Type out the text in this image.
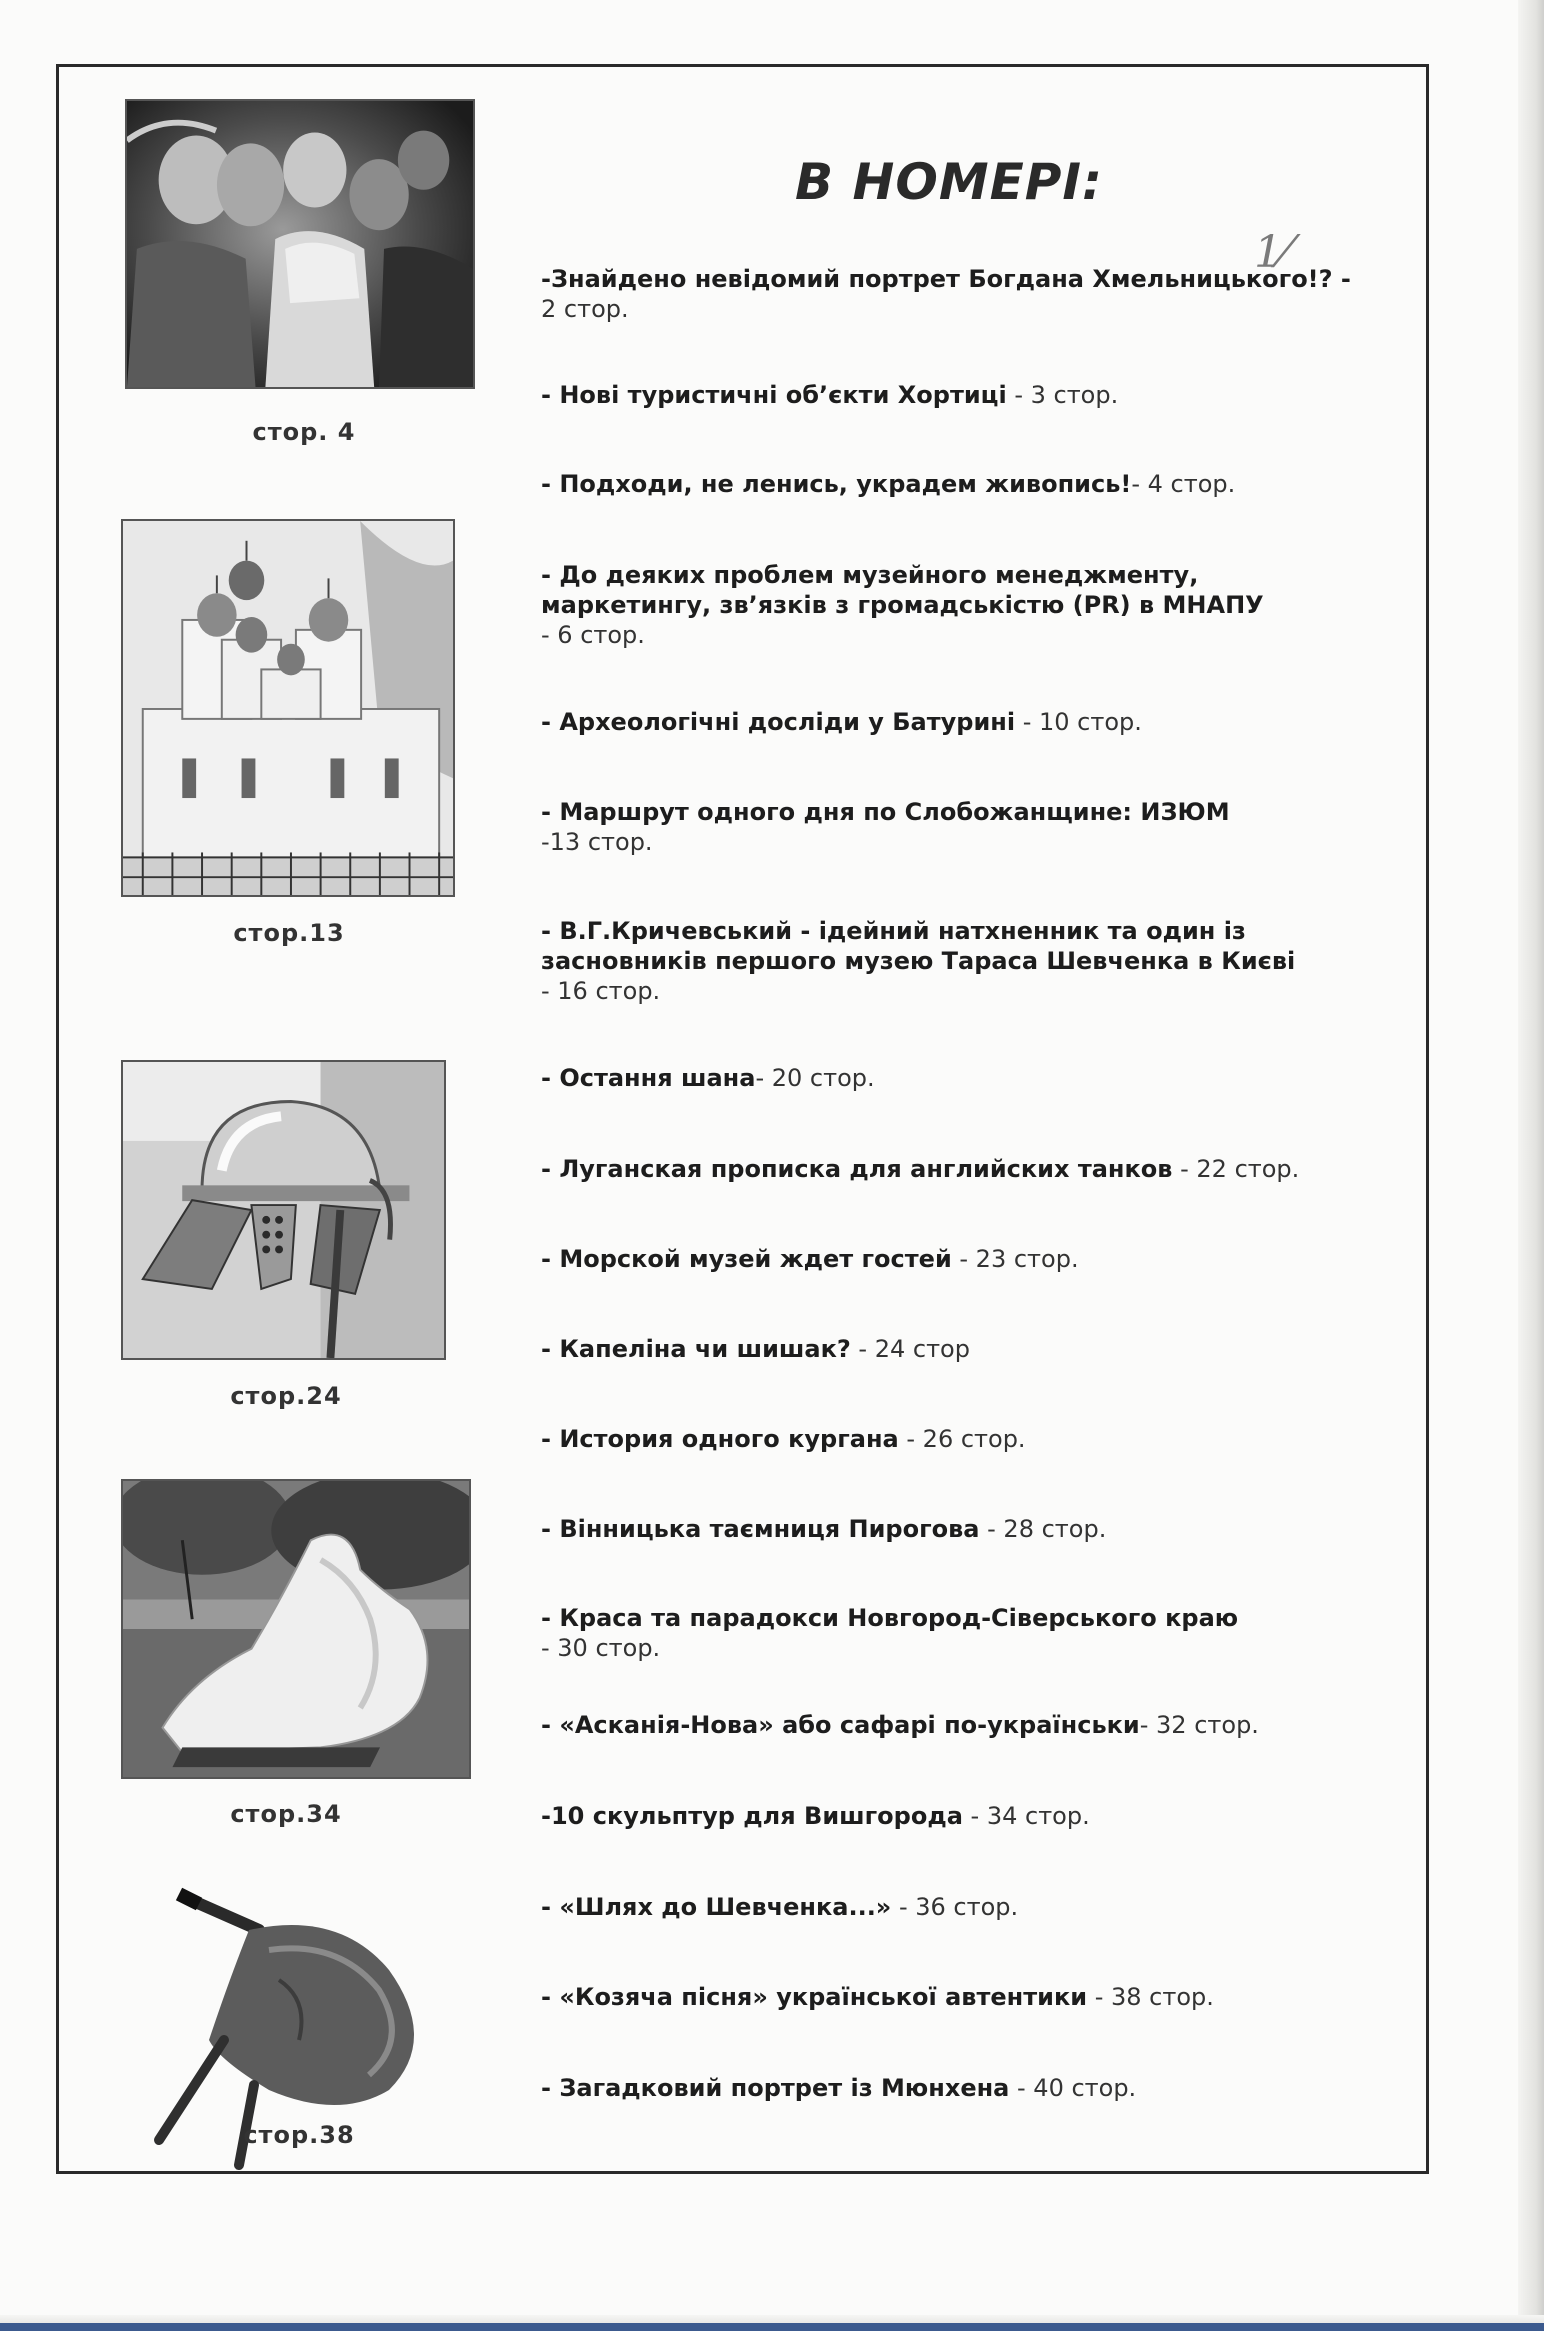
стор. 4
стор.13
стор.24
стор.34
стор.38
В НОМЕРІ:
1⁄
-Знайдено невідомий портрет Богдана Хмельницького!? -
2 стор.
- Нові туристичні об’єкти Хортиці - 3 стор.
- Подходи, не ленись, украдем живопись!- 4 стор.
- До деяких проблем музейного менеджменту,
маркетингу, зв’язків з громадськістю (PR) в МНАПУ
- 6 стор.
- Археологічні досліди у Батурині - 10 стор.
- Маршрут одного дня по Слобожанщине: ИЗЮМ
-13 стор.
- В.Г.Кричевський - ідейний натхненник та один із
засновників першого музею Тараса Шевченка в Києві
- 16 стор.
- Остання шана- 20 стор.
- Луганская прописка для английских танков - 22 стор.
- Морской музей ждет гостей - 23 стор.
- Капеліна чи шишак? - 24 стор
- История одного кургана - 26 стор.
- Вінницька таємниця Пирогова - 28 стор.
- Краса та парадокси Новгород-Сіверського краю
- 30 стор.
- «Асканія-Нова» або сафарі по-українськи- 32 стор.
-10 скульптур для Вишгорода - 34 стор.
- «Шлях до Шевченка...» - 36 стор.
- «Козяча пісня» української автентики - 38 стор.
- Загадковий портрет із Мюнхена - 40 стор.
